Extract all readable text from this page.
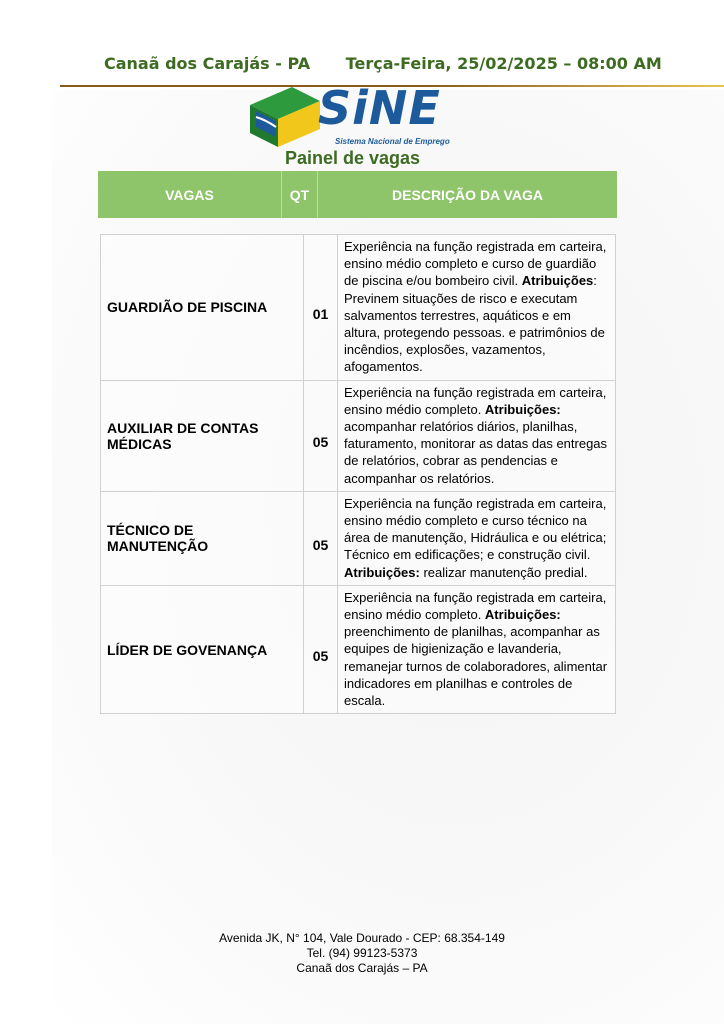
Canaã dos Carajás - PA Terça-Feira, 25/02/2025 – 08:00 AM
SiNE
Sistema Nacional de Emprego
Painel de vagas
VAGAS	QT	DESCRIÇÃO DA VAGA
GUARDIÃO DE PISCINA	01	Experiência na função registrada em carteira, ensino médio completo e curso de guardião de piscina e/ou bombeiro civil. Atribuições: Previnem situações de risco e executam salvamentos terrestres, aquáticos e em altura, protegendo pessoas. e patrimônios de incêndios, explosões, vazamentos, afogamentos.
AUXILIAR DE CONTAS MÉDICAS	05	Experiência na função registrada em carteira, ensino médio completo. Atribuições: acompanhar relatórios diários, planilhas, faturamento, monitorar as datas das entregas de relatórios, cobrar as pendencias e acompanhar os relatórios.
TÉCNICO DE MANUTENÇÃO	05	Experiência na função registrada em carteira, ensino médio completo e curso técnico na área de manutenção, Hidráulica e ou elétrica; Técnico em edificações; e construção civil. Atribuições: realizar manutenção predial.
LÍDER DE GOVENANÇA	05	Experiência na função registrada em carteira, ensino médio completo. Atribuições: preenchimento de planilhas, acompanhar as equipes de higienização e lavanderia, remanejar turnos de colaboradores, alimentar indicadores em planilhas e controles de escala.
Avenida JK, N° 104, Vale Dourado - CEP: 68.354-149
Tel. (94) 99123-5373
Canaã dos Carajás – PA
